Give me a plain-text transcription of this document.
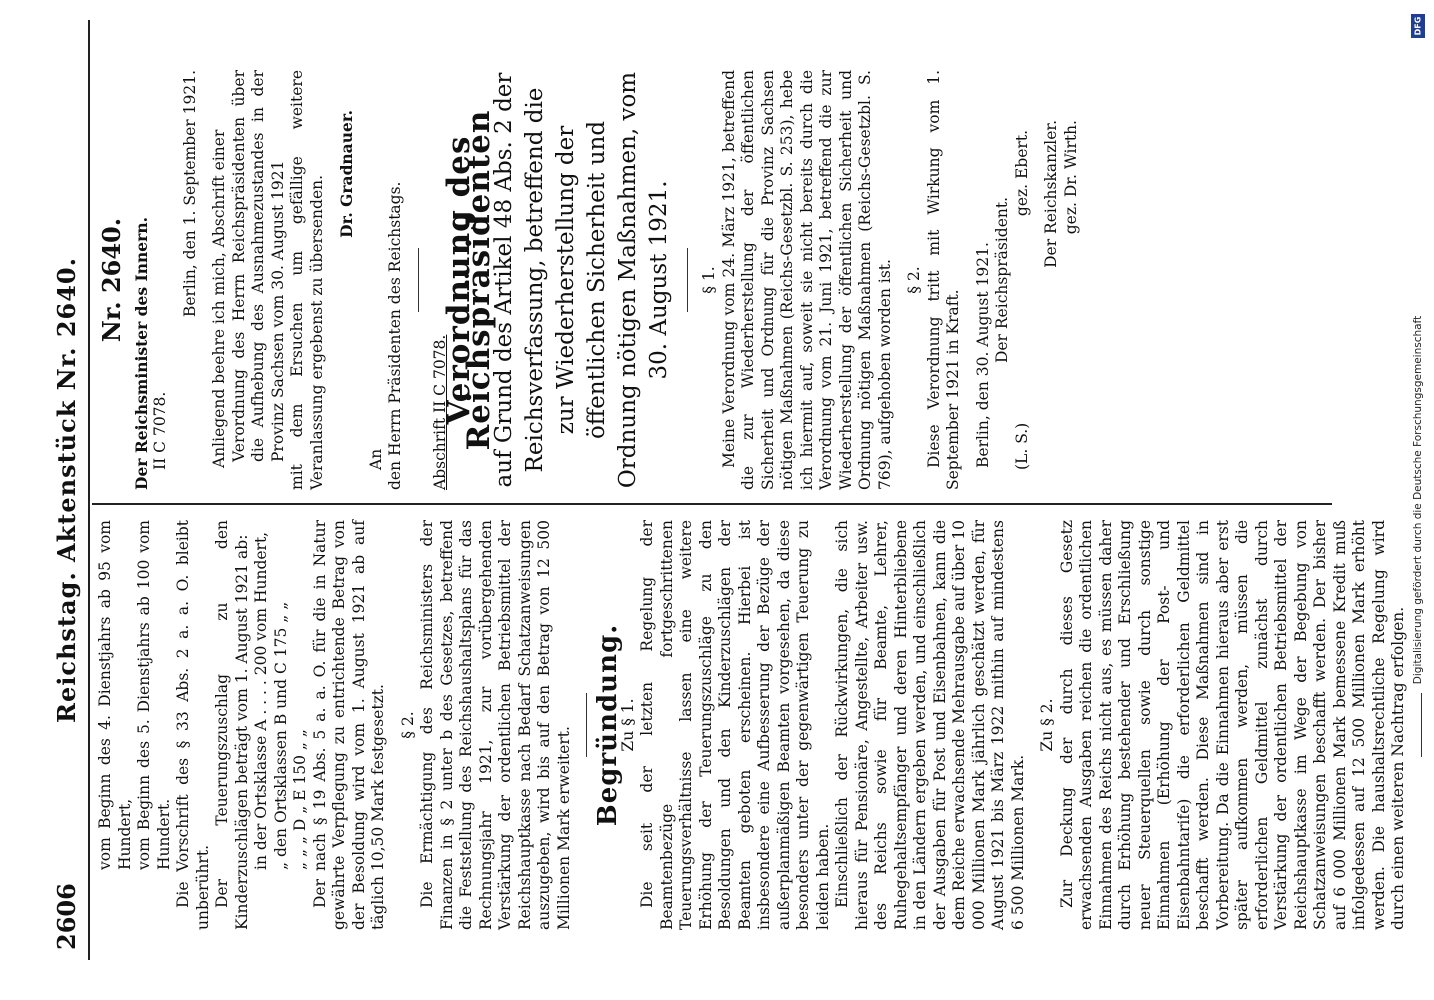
2606
Reichstag. Aktenstück Nr. 2640. vom Beginn des 4. Dienstjahrs ab 95 vom Hundert, vom Beginn des 5. Dienstjahrs ab 100 vom Hundert. Die Vorschrift des § 33 Abs. 2 a. a. O. bleibt unberührt. Der Teuerungszuschlag zu den Kinderzuschlägen beträgt vom 1. August 1921 ab: in der Ortsklasse A . . . . 200 vom Hundert, „ den Ortsklassen B und C 175 „ „ „ „ „ D „ E 150 „ „ Der nach § 19 Abs. 5 a. a. O. für die in Natur gewährte Verpflegung zu entrichtende Betrag von der Besoldung wird vom 1. August 1921 ab auf täglich 10,50 Mark festgesetzt. § 2. Die Ermächtigung des Reichsministers der Finanzen in § 2 unter b des Gesetzes, betreffend die Feststellung des Reichshaushaltsplans für das Rechnungsjahr 1921, zur vorübergehenden Verstärkung der ordentlichen Betriebsmittel der Reichshauptkasse nach Bedarf Schatzanweisungen auszugeben, wird bis auf den Betrag von 12 500 Millionen Mark erweitert.

Begründung.

Zu § 1. Die seit der letzten Regelung der Beamtenbezüge fortgeschrittenen Teuerungsverhältnisse lassen eine weitere Erhöhung der Teuerungszuschläge zu den Besoldungen und den Kinderzuschlägen der Beamten geboten erscheinen. Hierbei ist insbesondere eine Aufbesserung der Bezüge der außerplanmäßigen Beamten vorgesehen, da diese besonders unter der gegenwärtigen Teuerung zu leiden haben. Einschließlich der Rückwirkungen, die sich hieraus für Pensionäre, Angestellte, Arbeiter usw. des Reichs sowie für Beamte, Lehrer, Ruhegehaltsempfänger und deren Hinterbliebene in den Ländern ergeben werden, und einschließlich der Ausgaben für Post und Eisenbahnen, kann die dem Reiche erwachsende Mehrausgabe auf über 10 000 Millionen Mark jährlich geschätzt werden, für August 1921 bis März 1922 mithin auf mindestens 6 500 Millionen Mark.

Zu § 2. Zur Deckung der durch dieses Gesetz erwachsenden Ausgaben reichen die ordentlichen Einnahmen des Reichs nicht aus, es müssen daher durch Erhöhung bestehender und Erschließung neuer Steuerquellen sowie durch sonstige Einnahmen (Erhöhung der Post- und Eisenbahntarife) die erforderlichen Geldmittel beschafft werden. Diese Maßnahmen sind in Vorbereitung. Da die Einnahmen hieraus aber erst später aufkommen werden, müssen die erforderlichen Geldmittel zunächst durch Verstärkung der ordentlichen Betriebsmittel der Reichshauptkasse im Wege der Begebung von Schatzanweisungen beschafft werden. Der bisher auf 6 000 Millionen Mark bemessene Kredit muß infolgedessen auf 12 500 Millionen Mark erhöht werden. Die haushaltsrechtliche Regelung wird durch einen weiteren Nachtrag erfolgen.

Nr. 2640. Der Reichsminister des Innern. II C 7078.

Berlin, den 1. September 1921. Anliegend beehre ich mich, Abschrift einer Verordnung des Herrn Reichspräsidenten über die Aufhebung des Ausnahmezustandes in der Provinz Sachsen vom 30. August 1921 mit dem Ersuchen um gefällige weitere Veranlassung ergebenst zu übersenden.

Dr. Gradnauer.

An den Herrn Präsidenten des Reichstags. Abschrift II C 7078.

Verordnung des Reichspräsidenten

auf Grund des Artikel 48 Abs. 2 der Reichsverfassung, betreffend die zur Wiederherstellung der öffentlichen Sicherheit und Ordnung nötigen Maßnahmen, vom 30. August 1921. § 1. Meine Verordnung vom 24. März 1921, betreffend die zur Wiederherstellung der öffentlichen Sicherheit und Ordnung für die Provinz Sachsen nötigen Maßnahmen (Reichs-Gesetzbl. S. 253), hebe ich hiermit auf, soweit sie nicht bereits durch die Verordnung vom 21. Juni 1921, betreffend die zur Wiederherstellung der öffentlichen Sicherheit und Ordnung nötigen Maßnahmen (Reichs-Gesetzbl. S. 769), aufgehoben worden ist. § 2. Diese Verordnung tritt mit Wirkung vom 1. September 1921 in Kraft. Berlin, den 30. August 1921. Der Reichspräsident.

(L. S.)
gez. Ebert. Der Reichskanzler. gez. Dr. Wirth.

DFG
Digitalisierung gefördert durch die Deutsche Forschungsgemeinschaft
